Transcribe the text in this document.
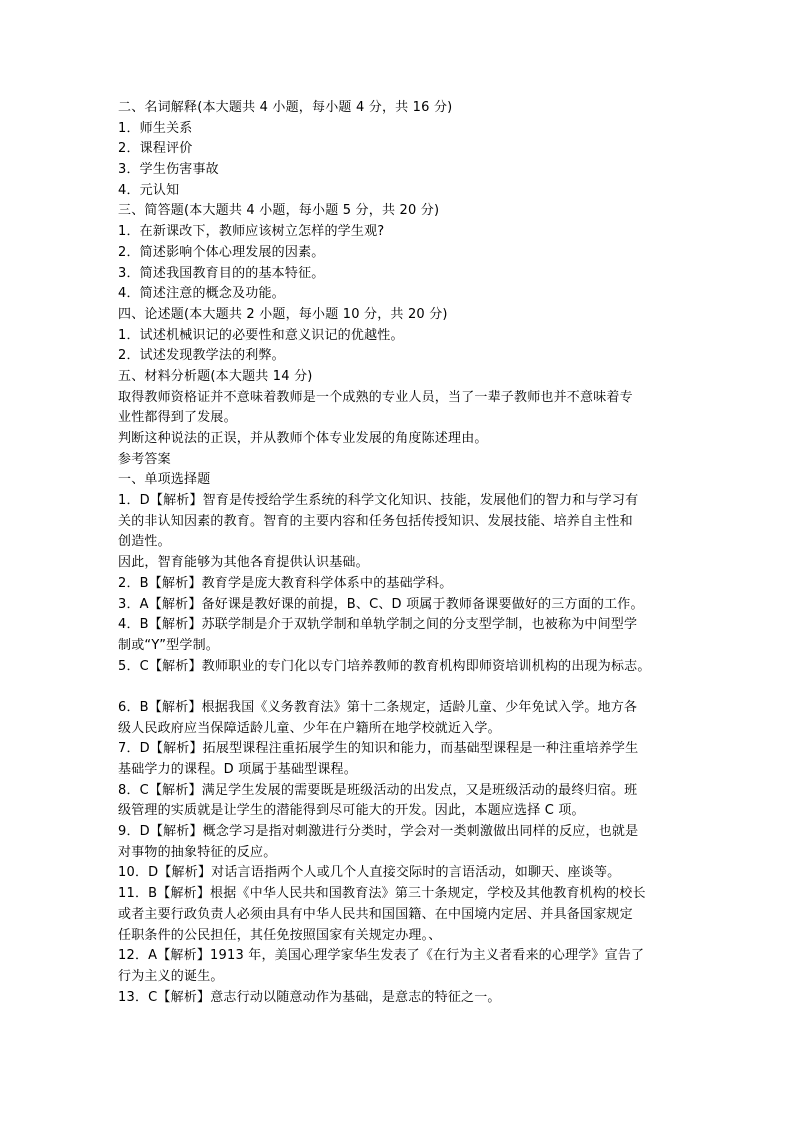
二、名词解释(本大题共 4 小题，每小题 4 分，共 16 分)
1．师生关系
2．课程评价
3．学生伤害事故
4．元认知
三、简答题(本大题共 4 小题，每小题 5 分，共 20 分)
1．在新课改下，教师应该树立怎样的学生观?
2．简述影响个体心理发展的因素。
3．简述我国教育目的的基本特征。
4．简述注意的概念及功能。
四、论述题(本大题共 2 小题，每小题 10 分，共 20 分)
1．试述机械识记的必要性和意义识记的优越性。
2．试述发现教学法的利弊。
五、材料分析题(本大题共 14 分)
取得教师资格证并不意味着教师是一个成熟的专业人员，当了一辈子教师也并不意味着专
业性都得到了发展。
判断这种说法的正误，并从教师个体专业发展的角度陈述理由。
参考答案
一、单项选择题
1．D【解析】智育是传授给学生系统的科学文化知识、技能，发展他们的智力和与学习有
关的非认知因素的教育。智育的主要内容和任务包括传授知识、发展技能、培养自主性和
创造性。
因此，智育能够为其他各育提供认识基础。
2．B【解析】教育学是庞大教育科学体系中的基础学科。
3．A【解析】备好课是教好课的前提，B、C、D 项属于教师备课要做好的三方面的工作。
4．B【解析】苏联学制是介于双轨学制和单轨学制之间的分支型学制，也被称为中间型学
制或“Y”型学制。
5．C【解析】教师职业的专门化以专门培养教师的教育机构即师资培训机构的出现为标志。
6．B【解析】根据我国《义务教育法》第十二条规定，适龄儿童、少年免试入学。地方各
级人民政府应当保障适龄儿童、少年在户籍所在地学校就近入学。
7．D【解析】拓展型课程注重拓展学生的知识和能力，而基础型课程是一种注重培养学生
基础学力的课程。D 项属于基础型课程。
8．C【解析】满足学生发展的需要既是班级活动的出发点，又是班级活动的最终归宿。班
级管理的实质就是让学生的潜能得到尽可能大的开发。因此，本题应选择 C 项。
9．D【解析】概念学习是指对刺激进行分类时，学会对一类刺激做出同样的反应，也就是
对事物的抽象特征的反应。
10．D【解析】对话言语指两个人或几个人直接交际时的言语活动，如聊天、座谈等。
11．B【解析】根据《中华人民共和国教育法》第三十条规定，学校及其他教育机构的校长
或者主要行政负责人必须由具有中华人民共和国国籍、在中国境内定居、并具备国家规定
任职条件的公民担任，其任免按照国家有关规定办理。、
12．A【解析】1913 年，美国心理学家华生发表了《在行为主义者看来的心理学》宣告了
行为主义的诞生。
13．C【解析】意志行动以随意动作为基础，是意志的特征之一。
